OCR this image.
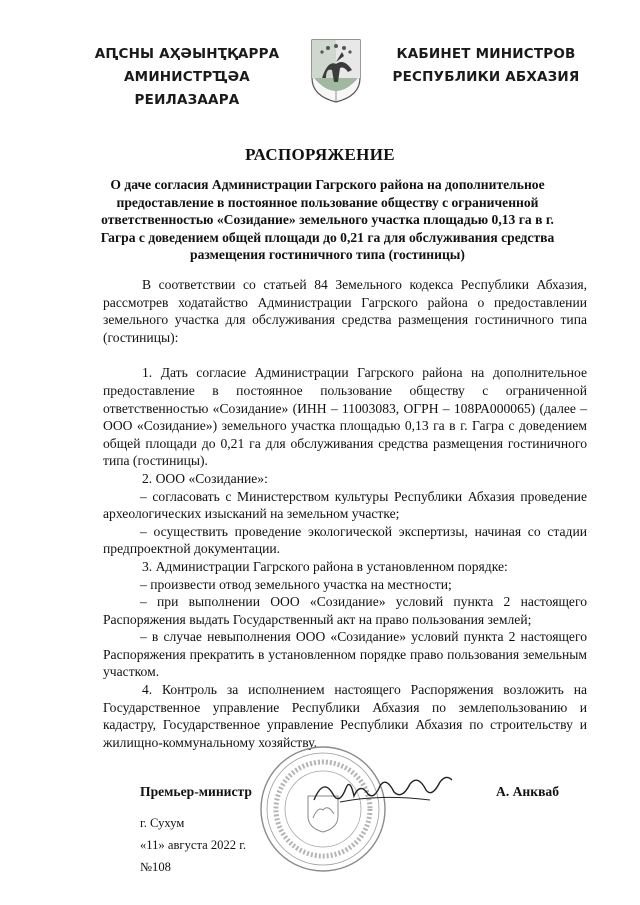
АԤСНЫ АҲӘЫНҬҚАРРА
АМИНИСТРҴӘА РЕИЛАЗААРА
КАБИНЕТ МИНИСТРОВ
РЕСПУБЛИКИ АБХАЗИЯ
РАСПОРЯЖЕНИЕ
О даче согласия Администрации Гагрского района на дополнительное предоставление в постоянное пользование обществу с ограниченной ответственностью «Созидание» земельного участка площадью 0,13 га в г. Гагра с доведением общей площади до 0,21 га для обслуживания средства размещения гостиничного типа (гостиницы)

В соответствии со статьей 84 Земельного кодекса Республики Абхазия, рассмотрев ходатайство Администрации Гагрского района о предоставлении земельного участка для обслуживания средства размещения гостиничного типа (гостиницы):

1. Дать согласие Администрации Гагрского района на дополнительное предоставление в постоянное пользование обществу с ограниченной ответственностью «Созидание» (ИНН – 11003083, ОГРН – 108РА000065) (далее – ООО «Созидание») земельного участка площадью 0,13 га в г. Гагра с доведением общей площади до 0,21 га для обслуживания средства размещения гостиничного типа (гостиницы).

2. ООО «Созидание»:

– согласовать с Министерством культуры Республики Абхазия проведение археологических изысканий на земельном участке;

– осуществить проведение экологической экспертизы, начиная со стадии предпроектной документации.

3. Администрации Гагрского района в установленном порядке:

– произвести отвод земельного участка на местности;

– при выполнении ООО «Созидание» условий пункта 2 настоящего Распоряжения выдать Государственный акт на право пользования землей;

– в случае невыполнения ООО «Созидание» условий пункта 2 настоящего Распоряжения прекратить в установленном порядке право пользования земельным участком.

4. Контроль за исполнением настоящего Распоряжения возложить на Государственное управление Республики Абхазия по землепользованию и кадастру, Государственное управление Республики Абхазия по строительству и жилищно-коммунальному хозяйству.

Премьер-министр	А. Анкваб
г. Сухум
«11» августа 2022 г.
№108
